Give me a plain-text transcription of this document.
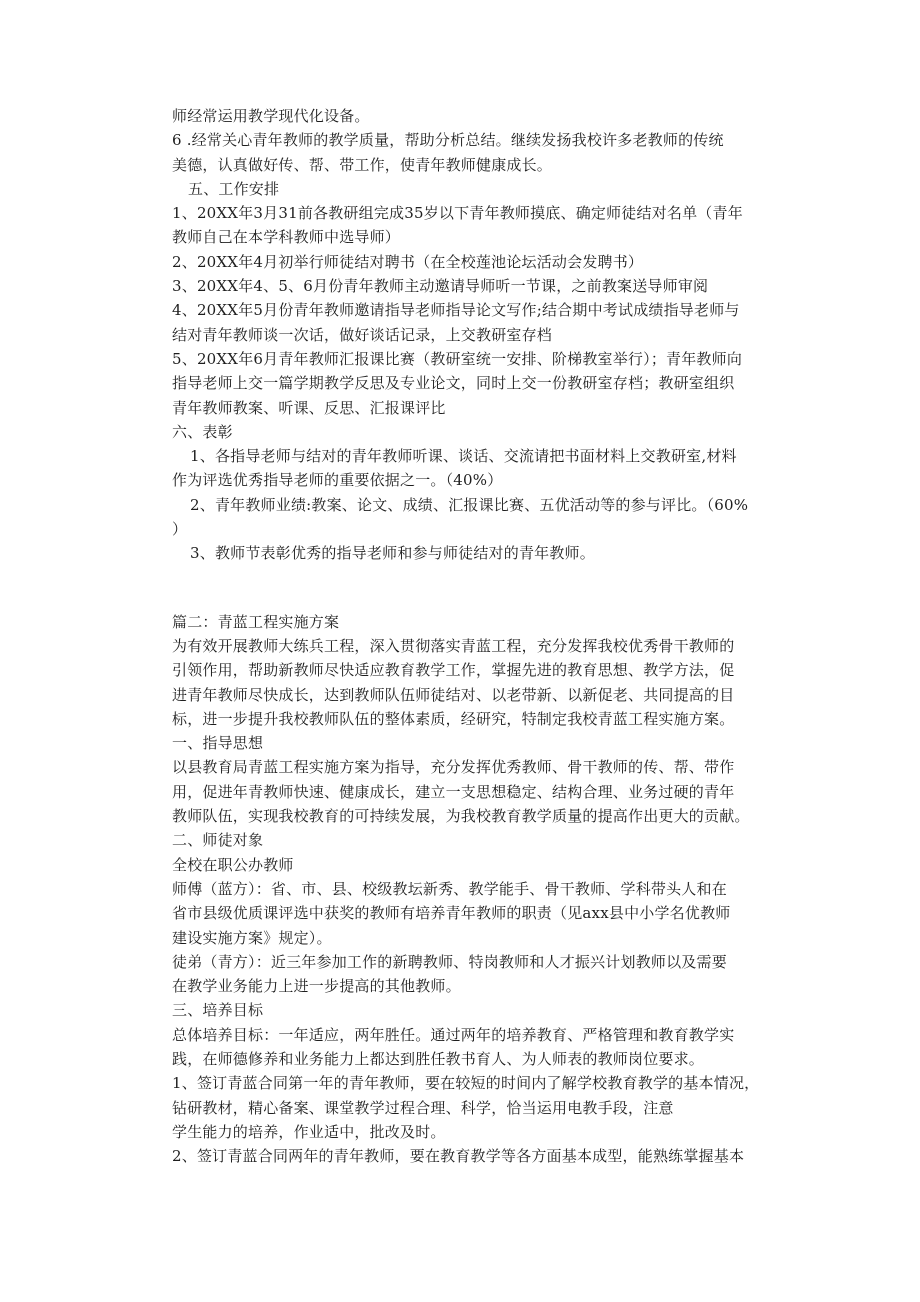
师经常运用教学现代化设备。
6 .经常关心青年教师的教学质量，帮助分析总结。继续发扬我校许多老教师的传统
美德，认真做好传、帮、带工作，使青年教师健康成长。
五、工作安排
1、20XX年3月31前各教研组完成35岁以下青年教师摸底、确定师徒结对名单（青年
教师自己在本学科教师中选导师）
2、20XX年4月初举行师徒结对聘书（在全校莲池论坛活动会发聘书）
3、20XX年4、5、6月份青年教师主动邀请导师听一节课，之前教案送导师审阅
4、20XX年5月份青年教师邀请指导老师指导论文写作;结合期中考试成绩指导老师与
结对青年教师谈一次话，做好谈话记录，上交教研室存档
5、20XX年6月青年教师汇报课比赛（教研室统一安排、阶梯教室举行）；青年教师向
指导老师上交一篇学期教学反思及专业论文，同时上交一份教研室存档；教研室组织
青年教师教案、听课、反思、汇报课评比
六、表彰
1、各指导老师与结对的青年教师听课、谈话、交流请把书面材料上交教研室,材料
作为评选优秀指导老师的重要依据之一。（40%）
2、青年教师业绩:教案、论文、成绩、汇报课比赛、五优活动等的参与评比。（60%
）
3、教师节表彰优秀的指导老师和参与师徒结对的青年教师。
篇二：青蓝工程实施方案
为有效开展教师大练兵工程，深入贯彻落实青蓝工程，充分发挥我校优秀骨干教师的
引领作用，帮助新教师尽快适应教育教学工作，掌握先进的教育思想、教学方法，促
进青年教师尽快成长，达到教师队伍师徒结对、以老带新、以新促老、共同提高的目
标，进一步提升我校教师队伍的整体素质，经研究，特制定我校青蓝工程实施方案。
一、指导思想
以县教育局青蓝工程实施方案为指导，充分发挥优秀教师、骨干教师的传、帮、带作
用，促进年青教师快速、健康成长，建立一支思想稳定、结构合理、业务过硬的青年
教师队伍，实现我校教育的可持续发展，为我校教育教学质量的提高作出更大的贡献。
二、师徒对象
全校在职公办教师
师傅（蓝方）：省、市、县、校级教坛新秀、教学能手、骨干教师、学科带头人和在
省市县级优质课评选中获奖的教师有培养青年教师的职责（见axx县中小学名优教师
建设实施方案》规定）。
徒弟（青方）：近三年参加工作的新聘教师、特岗教师和人才振兴计划教师以及需要
在教学业务能力上进一步提高的其他教师。
三、培养目标
总体培养目标：一年适应，两年胜任。通过两年的培养教育、严格管理和教育教学实
践，在师德修养和业务能力上都达到胜任教书育人、为人师表的教师岗位要求。
1、签订青蓝合同第一年的青年教师，要在较短的时间内了解学校教育教学的基本情况，
钻研教材，精心备案、课堂教学过程合理、科学，恰当运用电教手段，注意
学生能力的培养，作业适中，批改及时。
2、签订青蓝合同两年的青年教师，要在教育教学等各方面基本成型，能熟练掌握基本
